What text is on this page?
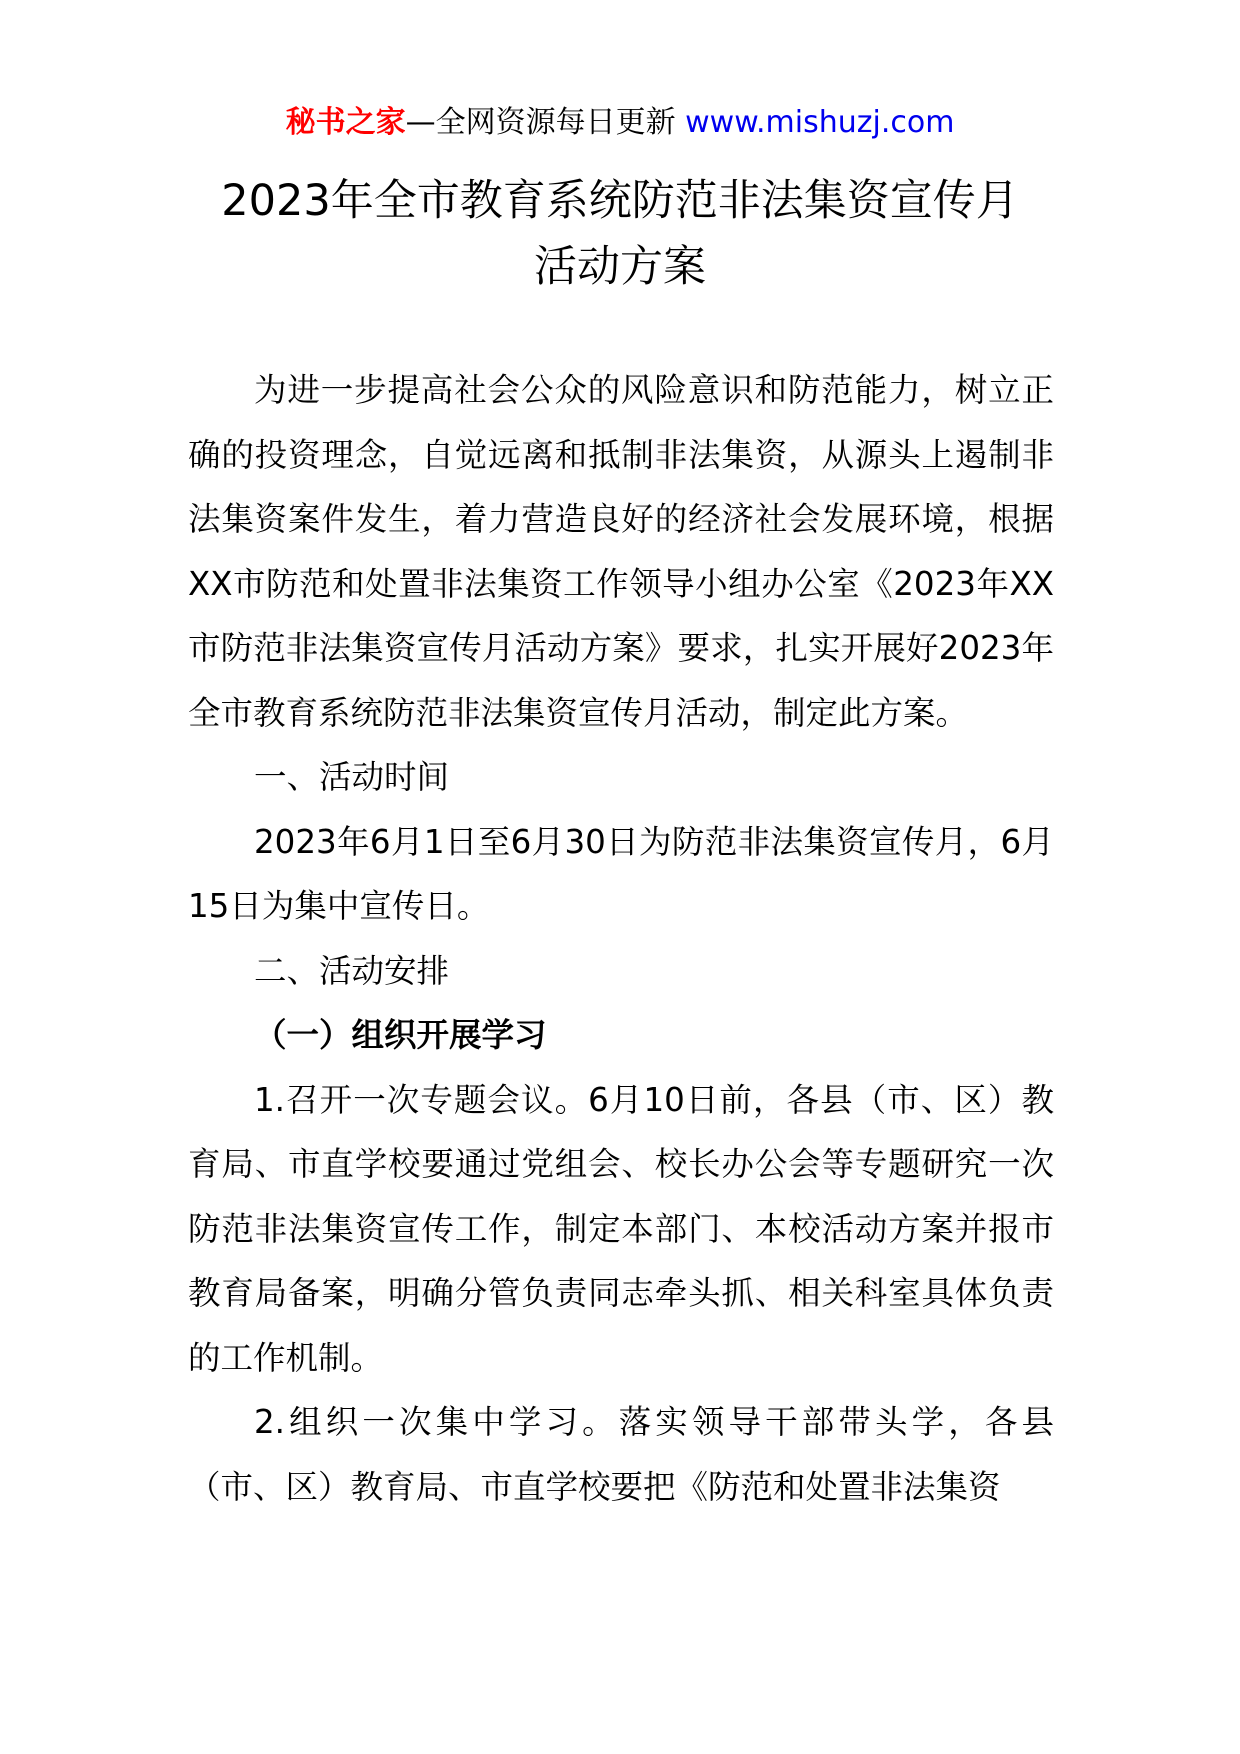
秘书之家—全网资源每日更新 www.mishuzj.com
2023年全市教育系统防范非法集资宣传月
活动方案

为进一步提高社会公众的风险意识和防范能力，树立正确的投资理念，自觉远离和抵制非法集资，从源头上遏制非法集资案件发生，着力营造良好的经济社会发展环境，根据XX市防范和处置非法集资工作领导小组办公室《2023年XX市防范非法集资宣传月活动方案》要求，扎实开展好2023年全市教育系统防范非法集资宣传月活动，制定此方案。

一、活动时间

2023年6月1日至6月30日为防范非法集资宣传月，6月15日为集中宣传日。

二、活动安排

（一）组织开展学习

1.召开一次专题会议。6月10日前，各县（市、区）教育局、市直学校要通过党组会、校长办公会等专题研究一次防范非法集资宣传工作，制定本部门、本校活动方案并报市教育局备案，明确分管负责同志牵头抓、相关科室具体负责的工作机制。

2.组织一次集中学习。落实领导干部带头学，各县（市、区）教育局、市直学校要把《防范和处置非法集资
